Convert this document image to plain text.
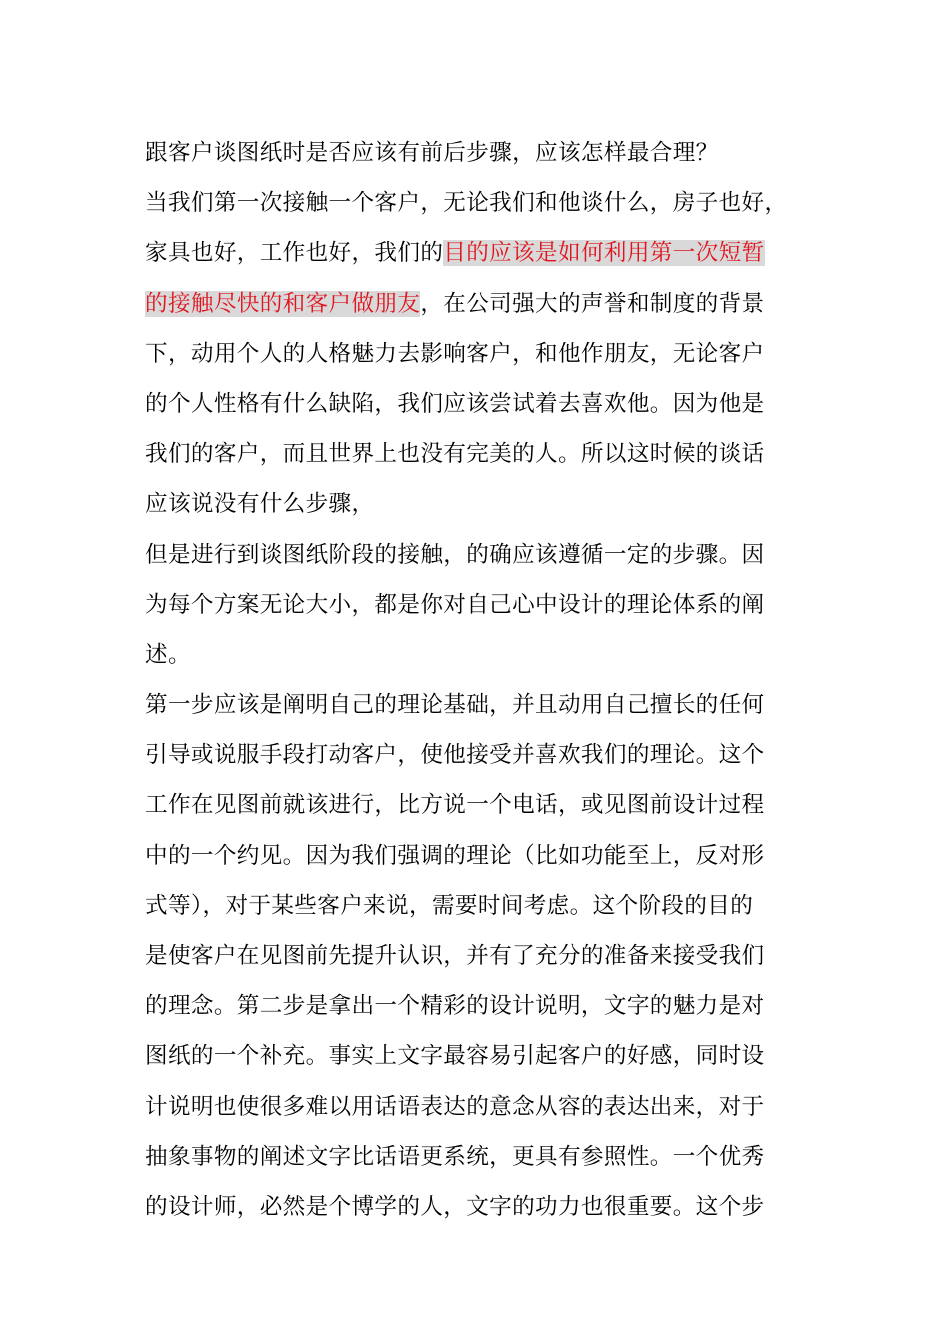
跟客户谈图纸时是否应该有前后步骤，应该怎样最合理？
当我们第一次接触一个客户，无论我们和他谈什么，房子也好，
家具也好，工作也好，我们的目的应该是如何利用第一次短暂
的接触尽快的和客户做朋友，在公司强大的声誉和制度的背景
下，动用个人的人格魅力去影响客户，和他作朋友，无论客户
的个人性格有什么缺陷，我们应该尝试着去喜欢他。因为他是
我们的客户，而且世界上也没有完美的人。所以这时候的谈话
应该说没有什么步骤，
但是进行到谈图纸阶段的接触，的确应该遵循一定的步骤。因
为每个方案无论大小，都是你对自己心中设计的理论体系的阐
述。
第一步应该是阐明自己的理论基础，并且动用自己擅长的任何
引导或说服手段打动客户，使他接受并喜欢我们的理论。这个
工作在见图前就该进行，比方说一个电话，或见图前设计过程
中的一个约见。因为我们强调的理论（比如功能至上，反对形
式等），对于某些客户来说，需要时间考虑。这个阶段的目的
是使客户在见图前先提升认识，并有了充分的准备来接受我们
的理念。第二步是拿出一个精彩的设计说明，文字的魅力是对
图纸的一个补充。事实上文字最容易引起客户的好感，同时设
计说明也使很多难以用话语表达的意念从容的表达出来，对于
抽象事物的阐述文字比话语更系统，更具有参照性。一个优秀
的设计师，必然是个博学的人，文字的功力也很重要。这个步
